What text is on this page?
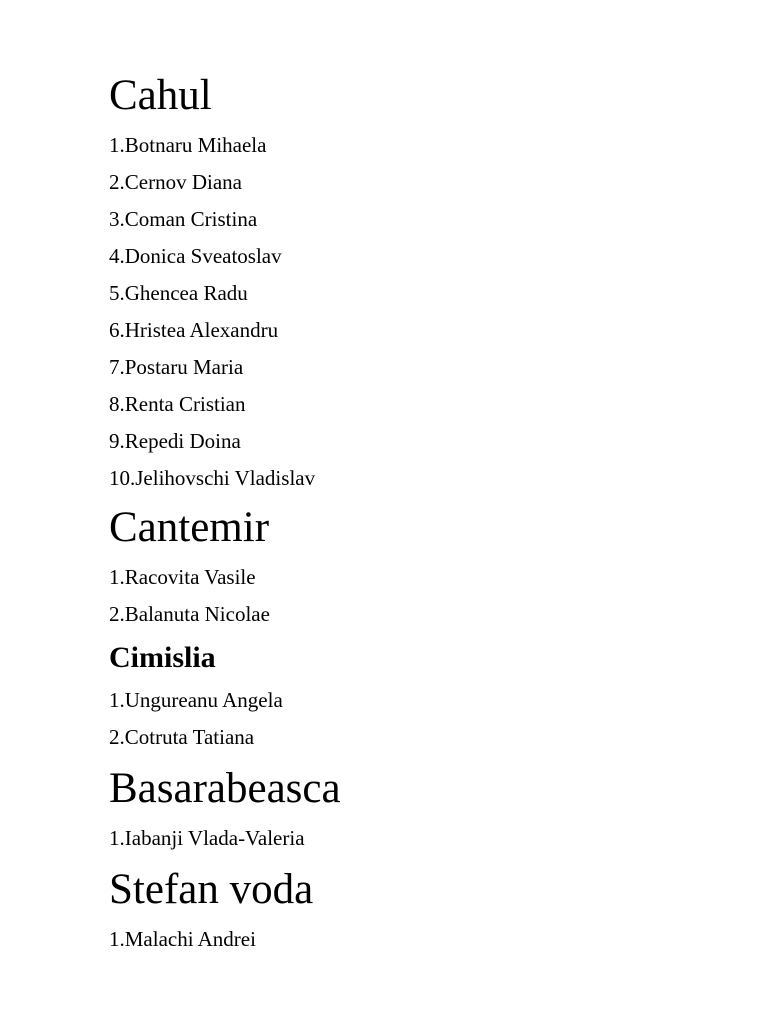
Cahul
1.Botnaru Mihaela
2.Cernov Diana
3.Coman Cristina
4.Donica Sveatoslav
5.Ghencea Radu
6.Hristea Alexandru
7.Postaru Maria
8.Renta Cristian
9.Repedi Doina
10.Jelihovschi Vladislav
Cantemir
1.Racovita Vasile
2.Balanuta Nicolae
Cimislia
1.Ungureanu Angela
2.Cotruta Tatiana
Basarabeasca
1.Iabanji Vlada-Valeria
Stefan voda
1.Malachi Andrei
